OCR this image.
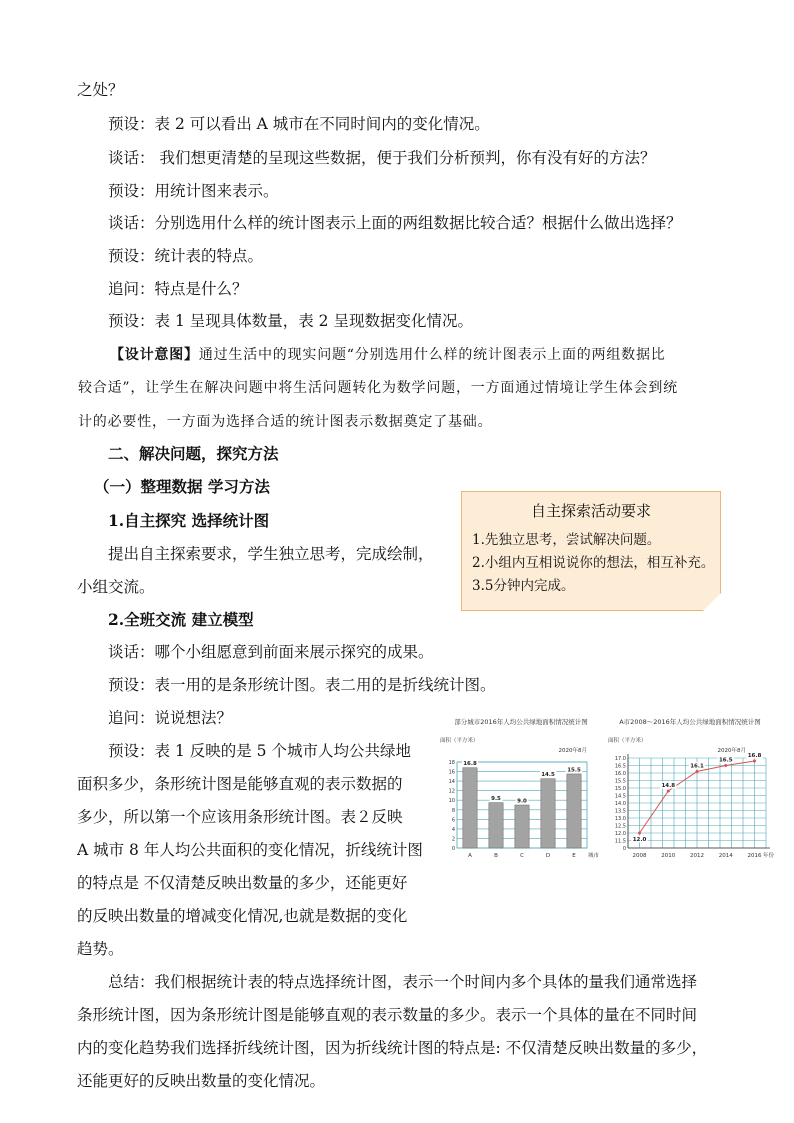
之处？
预设：表 2 可以看出 A 城市在不同时间内的变化情况。
谈话： 我们想更清楚的呈现这些数据，便于我们分析预判，你有没有好的方法？
预设：用统计图来表示。
谈话：分别选用什么样的统计图表示上面的两组数据比较合适？根据什么做出选择？
预设：统计表的特点。
追问：特点是什么？
预设：表 1 呈现具体数量，表 2 呈现数据变化情况。
【设计意图】通过生活中的现实问题“分别选用什么样的统计图表示上面的两组数据比
较合适”，让学生在解决问题中将生活问题转化为数学问题，一方面通过情境让学生体会到统
计的必要性，一方面为选择合适的统计图表示数据奠定了基础。
二、解决问题，探究方法
（一）整理数据 学习方法
1.自主探究 选择统计图
提出自主探索要求，学生独立思考，完成绘制，
小组交流。
2.全班交流 建立模型
谈话：哪个小组愿意到前面来展示探究的成果。
预设：表一用的是条形统计图。表二用的是折线统计图。
追问：说说想法？
预设：表 1 反映的是 5 个城市人均公共绿地
面积多少，条形统计图是能够直观的表示数据的
多少，所以第一个应该用条形统计图。表２反映
A 城市 8 年人均公共面积的变化情况，折线统计图
的特点是 不仅清楚反映出数量的多少，还能更好
的反映出数量的增减变化情况,也就是数据的变化
趋势。
总结：我们根据统计表的特点选择统计图，表示一个时间内多个具体的量我们通常选择
条形统计图，因为条形统计图是能够直观的表示数量的多少。表示一个具体的量在不同时间
内的变化趋势我们选择折线统计图，因为折线统计图的特点是: 不仅清楚反映出数量的多少，
还能更好的反映出数量的变化情况。
自主探索活动要求
1.先独立思考，尝试解决问题。
2.小组内互相说说你的想法，相互补充。
3.5分钟内完成。
部分城市2016年人均公共绿地面积情况统计图
面积（平方米）
2020年8月
0
2
4
6
8
10
12
14
16
18 16.8
A
9.5
B
9.0
C
14.5
D
15.5
E 城市
A市2008～2016年人均公共绿地面积情况统计图
面积（平方米）
2020年8月
0
11.5
12.0
12.5
13.0
13.5
14.0
14.5
15.0
15.5
16.0
16.5
17.0
12.0
2008
14.8
2010
16.1
2012
16.5
2014
16.8
2016 年份
